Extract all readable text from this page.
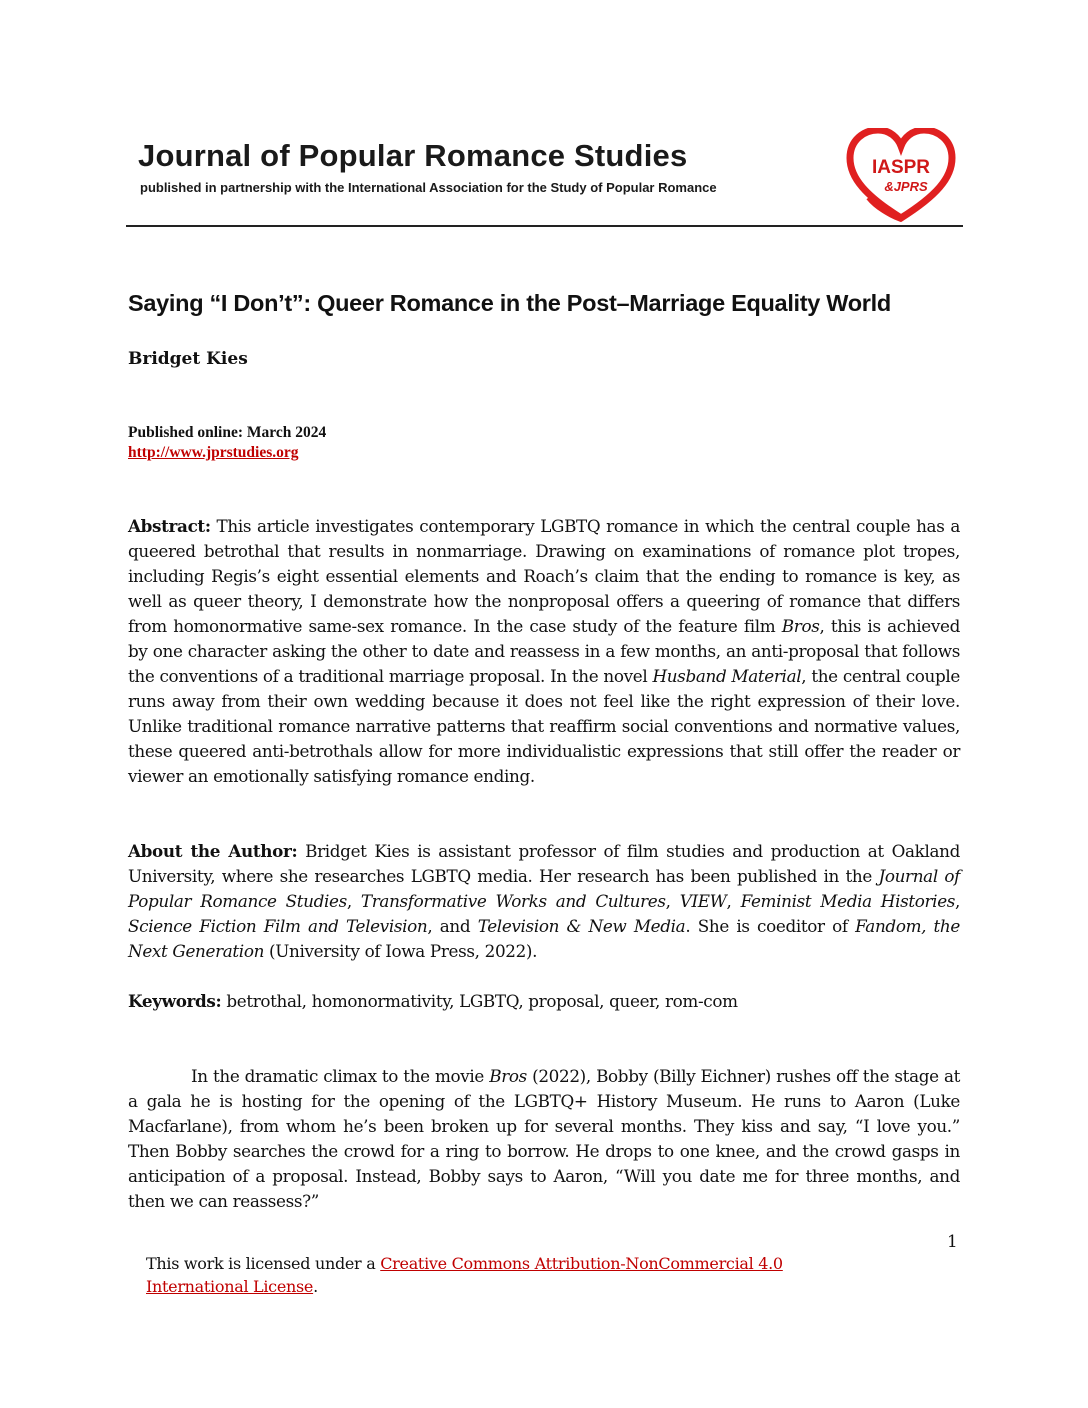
Journal of Popular Romance Studies
published in partnership with the International Association for the Study of Popular Romance
IASPR
&JPRS
Saying “I Don’t”: Queer Romance in the Post–Marriage Equality World
Bridget Kies
Published online: March 2024
http://www.jprstudies.org
Abstract: This article investigates contemporary LGBTQ romance in which the central couple has a queered betrothal that results in nonmarriage. Drawing on examinations of romance plot tropes, including Regis’s eight essential elements and Roach’s claim that the ending to romance is key, as well as queer theory, I demonstrate how the nonproposal offers a queering of romance that differs from homonormative same-sex romance. In the case study of the feature film Bros, this is achieved by one character asking the other to date and reassess in a few months, an anti-proposal that follows the conventions of a traditional marriage proposal. In the novel Husband Material, the central couple runs away from their own wedding because it does not feel like the right expression of their love. Unlike traditional romance narrative patterns that reaffirm social conventions and normative values, these queered anti-betrothals allow for more individualistic expressions that still offer the reader or viewer an emotionally satisfying romance ending.
About the Author: Bridget Kies is assistant professor of film studies and production at Oakland University, where she researches LGBTQ media. Her research has been published in the Journal of Popular Romance Studies, Transformative Works and Cultures, VIEW, Feminist Media Histories, Science Fiction Film and Television, and Television & New Media. She is coeditor of Fandom, the Next Generation (University of Iowa Press, 2022).
Keywords: betrothal, homonormativity, LGBTQ, proposal, queer, rom-com
In the dramatic climax to the movie Bros (2022), Bobby (Billy Eichner) rushes off the stage at a gala he is hosting for the opening of the LGBTQ+ History Museum. He runs to Aaron (Luke Macfarlane), from whom he’s been broken up for several months. They kiss and say, “I love you.” Then Bobby searches the crowd for a ring to borrow. He drops to one knee, and the crowd gasps in anticipation of a proposal. Instead, Bobby says to Aaron, “Will you date me for three months, and then we can reassess?”
1
This work is licensed under a Creative Commons Attribution-NonCommercial 4.0 International License.
